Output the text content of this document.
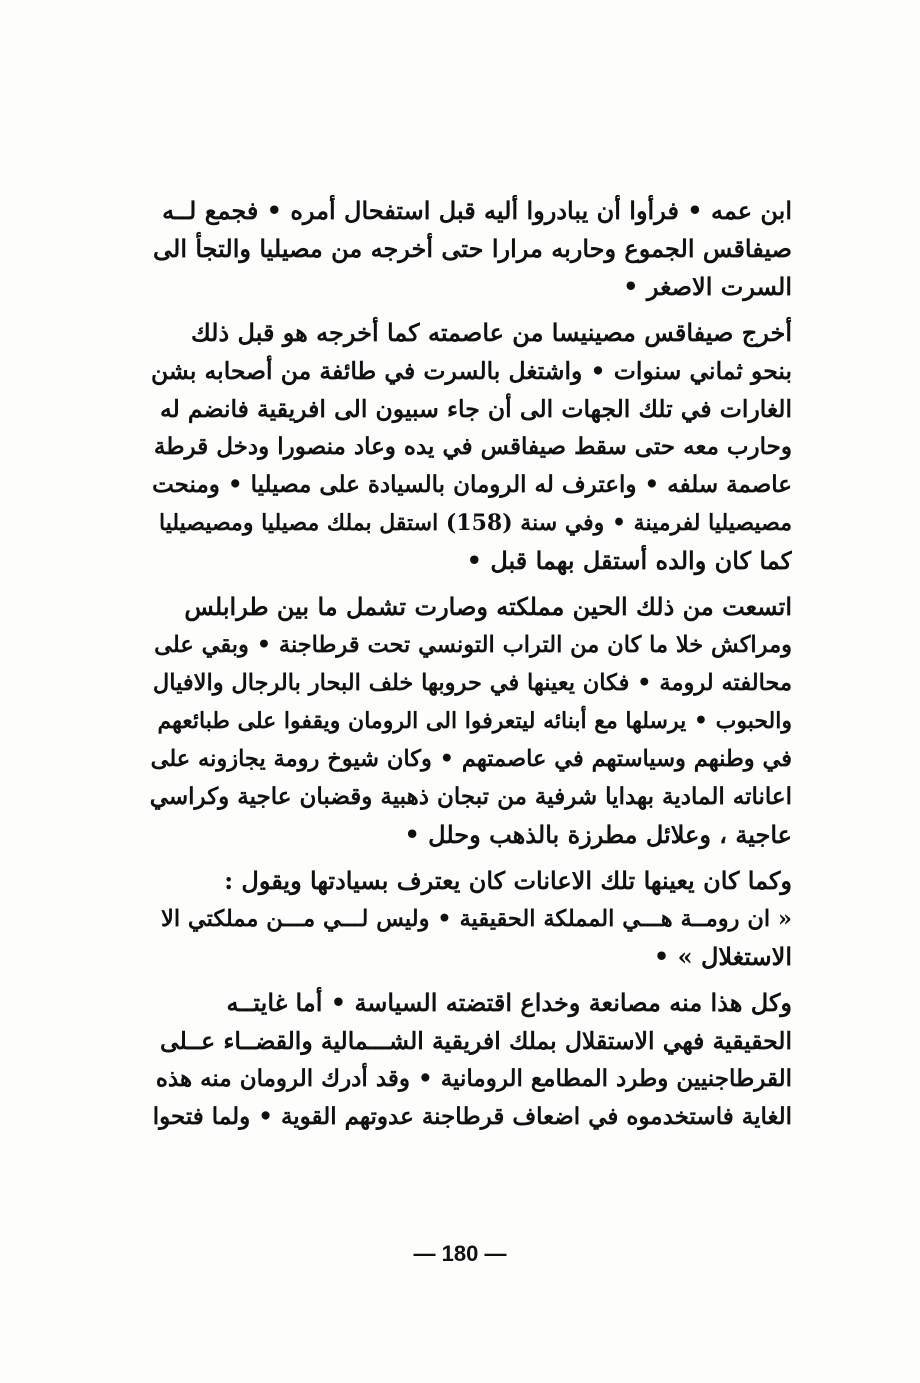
ابن عمه • فرأوا أن يبادروا أليه قبل استفحال أمره • فجمع لــه
صيفاقس الجموع وحاربه مرارا حتى أخرجه من مصيليا والتجأ الى
السرت الاصغر •
أخرج صيفاقس مصينيسا من عاصمته كما أخرجه هو قبل ذلك
بنحو ثماني سنوات • واشتغل بالسرت في طائفة من أصحابه بشن
الغارات في تلك الجهات الى أن جاء سبيون الى افريقية فانضم له
وحارب معه حتى سقط صيفاقس في يده وعاد منصورا ودخل قرطة
عاصمة سلفه • واعترف له الرومان بالسيادة على مصيليا • ومنحت
مصيصيليا لفرمينة • وفي سنة (158) استقل بملك مصيليا ومصيصيليا
كما كان والده أستقل بهما قبل •
اتسعت من ذلك الحين مملكته وصارت تشمل ما بين طرابلس
ومراكش خلا ما كان من التراب التونسي تحت قرطاجنة • وبقي على
محالفته لرومة • فكان يعينها في حروبها خلف البحار بالرجال والافيال
والحبوب • يرسلها مع أبنائه ليتعرفوا الى الرومان ويقفوا على طبائعهم
في وطنهم وسياستهم في عاصمتهم • وكان شيوخ رومة يجازونه على
اعاناته المادية بهدايا شرفية من تبجان ذهبية وقضبان عاجية وكراسي
عاجية ، وعلائل مطرزة بالذهب وحلل •
وكما كان يعينها تلك الاعانات كان يعترف بسيادتها ويقول :
« ان رومــة هـــي المملكة الحقيقية • وليس لـــي مـــن مملكتي الا
الاستغلال » •
وكل هذا منه مصانعة وخداع اقتضته السياسة • أما غايتــه
الحقيقية فهي الاستقلال بملك افريقية الشـــمالية والقضــاء عــلى
القرطاجنيين وطرد المطامع الرومانية • وقد أدرك الرومان منه هذه
الغاية فاستخدموه في اضعاف قرطاجنة عدوتهم القوية • ولما فتحوا
— 180 —
